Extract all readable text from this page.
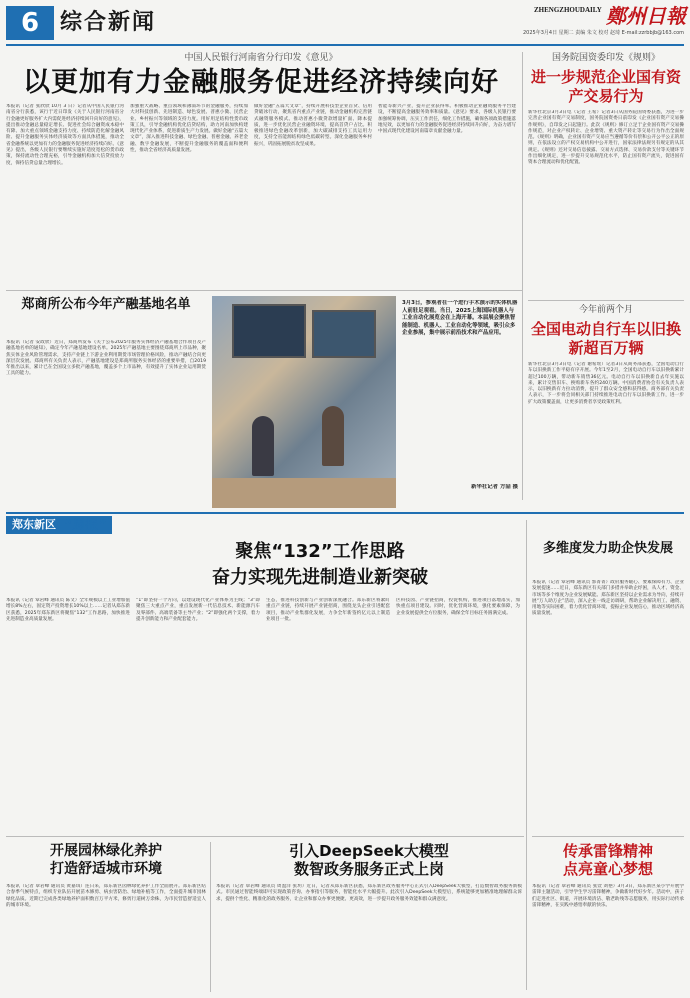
6 综合新闻	ZHENGZHOUDAILY 鄭州日報
2025年3月4日 星期二 责编 朱文 校对 赵琦 E-mail:zzrbbjb@163.com
中国人民银行河南省分行印发《意见》
以更加有力金融服务促进经济持续向好
本报讯（记者 张欣欣 10月 3 日）记者从中国人民银行河南省分行获悉，该行于近日印发《关于人民银行河南省分行金融更好服务扩大内需促进经济持续回升向好的意见》，提出推动金融总量稳定增长、促进社会综合融资成本稳中有降、加大重点领域金融支持力度、持续防范化解金融风险、提升金融服务实体经济质效等方面具体措施，推动全省金融系统以更加有力的金融服务促进经济持续向好。《意见》提出，各级人民银行要继续实施好适度宽松的货币政策，保持流动性合理充裕，引导金融机构加大信贷投放力度，保持信贷总量合理增长。
加强重大战略、重点领域和薄弱环节的金融服务，持续加大对科技创新、先进制造、绿色发展、普惠小微、民营企业、乡村振兴等领域的支持力度。用好用足结构性货币政策工具，引导金融机构优化信贷结构，助力河南加快构建现代化产业体系，促进新质生产力发展。做好金融“五篇大文章”，深入推进科技金融、绿色金融、普惠金融、养老金融、数字金融发展，不断提升金融服务的覆盖面和便利性，推动全省经济高质量发展。
做好金融“五篇大文章”，持续开展科技型企业首贷、信用贷破冰行动，聚焦省内重点产业链，推动金融机构完善链式融资服务模式。推动普惠小微贷款增量扩面、降本提质，进一步优化民营企业融资环境，提高首贷户占比。积极推进绿色金融改革创新，加大碳减排支持工具运用力度，支持全省能源结构绿色低碳转型。深化金融服务乡村振兴，巩固拓展脱贫攻坚成果。
智能等新兴产业，提升企业获得率。积极推动企业融资服务平台建设，不断提高金融服务效率和质量。《意见》要求，各级人民银行要加强统筹协调，压实工作责任，细化工作措施，确保各项政策措施落地见效，以更加有力的金融服务促进经济持续回升向好，为奋力谱写中国式现代化建设河南篇章贡献金融力量。
国务院国资委印发《规则》
进一步规范企业国有资产交易行为
新华社北京3月3日电（记者 王希）记者3日从国务院国资委获悉，为进一步完善企业国有资产交易制度，国务院国资委日前印发《企业国有资产交易操作规则》，自印发之日起施行。此次《规则》修订立足于企业国有资产交易操作规范，对企业产权转让、企业增资、重大资产转让等交易行为作出全面规范。《规则》明确，企业国有资产交易应当遵循等价有偿和公开公平公正的原则，在依法设立的产权交易机构中公开进行，国家法律法规另有规定的从其规定。《规则》还对交易信息披露、交易方式选择、交易价款支付等关键环节作出细化规定，进一步提升交易规范化水平，防止国有资产流失，促进国有资本合理流动和优化配置。
郑商所公布今年产融基地名单
本报讯（记者 安政欣）近日，郑商所发布《关于公布2025年服务实体经济产融基地合作项目及产融基地名单的通知》，确定今年产融基地建设名单。2025年产融基地主要围绕郑商所上市品种，聚焦实体企业风险管理需求，支持产业链上下游企业利用期货市场管理价格风险，推动产融结合向更深层次发展。郑商所有关负责人表示，产融基地建设是郑商所服务实体经济的重要举措，自2019年推出以来，累计已在全国设立多批产融基地，覆盖多个上市品种，有效提升了实体企业运用期货工具的能力。
3月3日，参观者在一个进行手术演示的实体机器人前驻足观看。当日，2025上海国际机器人与工业自动化展览会在上海开幕。本届展会聚焦智能制造、机器人、工业自动化等领域，吸引众多企业参展，集中展示前沿技术和产品应用。
新华社记者 方喆 摄
今年前两个月
全国电动自行车以旧换新超百万辆
新华社北京3月3日电（记者 谢希瑶）记者3日从商务部获悉，全国电动自行车以旧换新工作平稳有序开展。今年1至2月，全国电动自行车以旧换新累计超过100万辆，带动新车销售36亿元。电动自行车以旧换新自去年实施以来，累计交售旧车、换购新车各约240万辆。中国消费者协会有关负责人表示，以旧换新有力拉动消费，提升了群众安全感和获得感。商务部有关负责人表示，下一步将会同相关部门持续推进电动自行车以旧换新工作，进一步扩大政策覆盖面，让更多消费者享受政策红利。
郑东新区 “周报”
聚焦“132”工作思路
奋力实现先进制造业新突破
本报讯（记者 覃岩峰 通讯员 陈文）全年规模以上工业增加值增长8%左右，固定资产投资增长10%以上……记者从郑东新区获悉，2025年郑东新区将聚焦“132”工作思路，加快推进先进制造业高质量发展。
“1”即坚持一个方向，以建设现代化产业体系为主线；“3”即聚焦三大重点产业，重点发展新一代信息技术、新能源汽车及零部件、高端装备等主导产业；“2”即强化两个支撑，着力提升创新能力和产业配套能力。
生态，推进科技创新与产业创新深度融合。郑东新区将紧盯重点产业链，持续开展产业链招商，围绕龙头企业引进配套项目，推动产业集群化发展，力争全年新签约亿元以上制造业项目一批。
区科技园、产业链招商，投促机构，推进项目落地落实，加快重点项目建设。同时，优化营商环境，强化要素保障，为企业发展提供全方位服务，确保全年目标任务圆满完成。
多维度发力助企快发展
本报讯（记者 覃岩峰 通讯员 郭菁菁）政府服务暖心、要素保障有力、企业发展提速……近日，郑东新区有关部门多措并举助企纾困，从人才、资金、市场等多个维度为企业发展赋能。郑东新区坚持以企业需求为导向，持续开展“万人助万企”活动，深入企业一线走访调研，帮助企业解决用工、融资、用地等实际困难，着力优化营商环境，提振企业发展信心，推动区域经济高质量发展。
开展园林绿化养护
打造舒适城市环境
本报讯（记者 覃岩峰 通讯员 黄嘉琪）连日来，郑东新区园林绿化养护工作全面展开。郑东新区结合春季气候特点，组织专业队伍开展苗木修剪、病虫害防治、绿地补植等工作，全面提升城市园林绿化品质。近期已完成各类绿地养护面积数百万平方米，修剪行道树万余株，为市民营造舒适宜人的城市环境。
引入DeepSeek大模型
数智政务服务正式上岗
本报讯（记者 覃岩峰 通讯员 周盈洋 张玥）近日，记者从郑东新区获悉，郑东新区政务服务中心正式引入DeepSeek大模型，打造数智政务服务新模式。市民通过智能终端即可实现政策咨询、办事指引等服务，智能化水平大幅提升。此次引入DeepSeek大模型后，系统能够更加精准地理解群众诉求，提供个性化、精准化的政务服务，让企业和群众办事更便捷、更高效，进一步提升政务服务效能和群众满意度。
传承雷锋精神
点亮童心梦想
本报讯（记者 覃岩峰 通讯员 张萱 刘艳）3月3日，郑东新区某小学开展学雷锋主题活动，引导学生学习雷锋精神，争做新时代好少年。活动中，孩子们走进社区、街道，开展环境清洁、敬老助残等志愿服务，用实际行动传承雷锋精神，在实践中感悟奉献的快乐。
